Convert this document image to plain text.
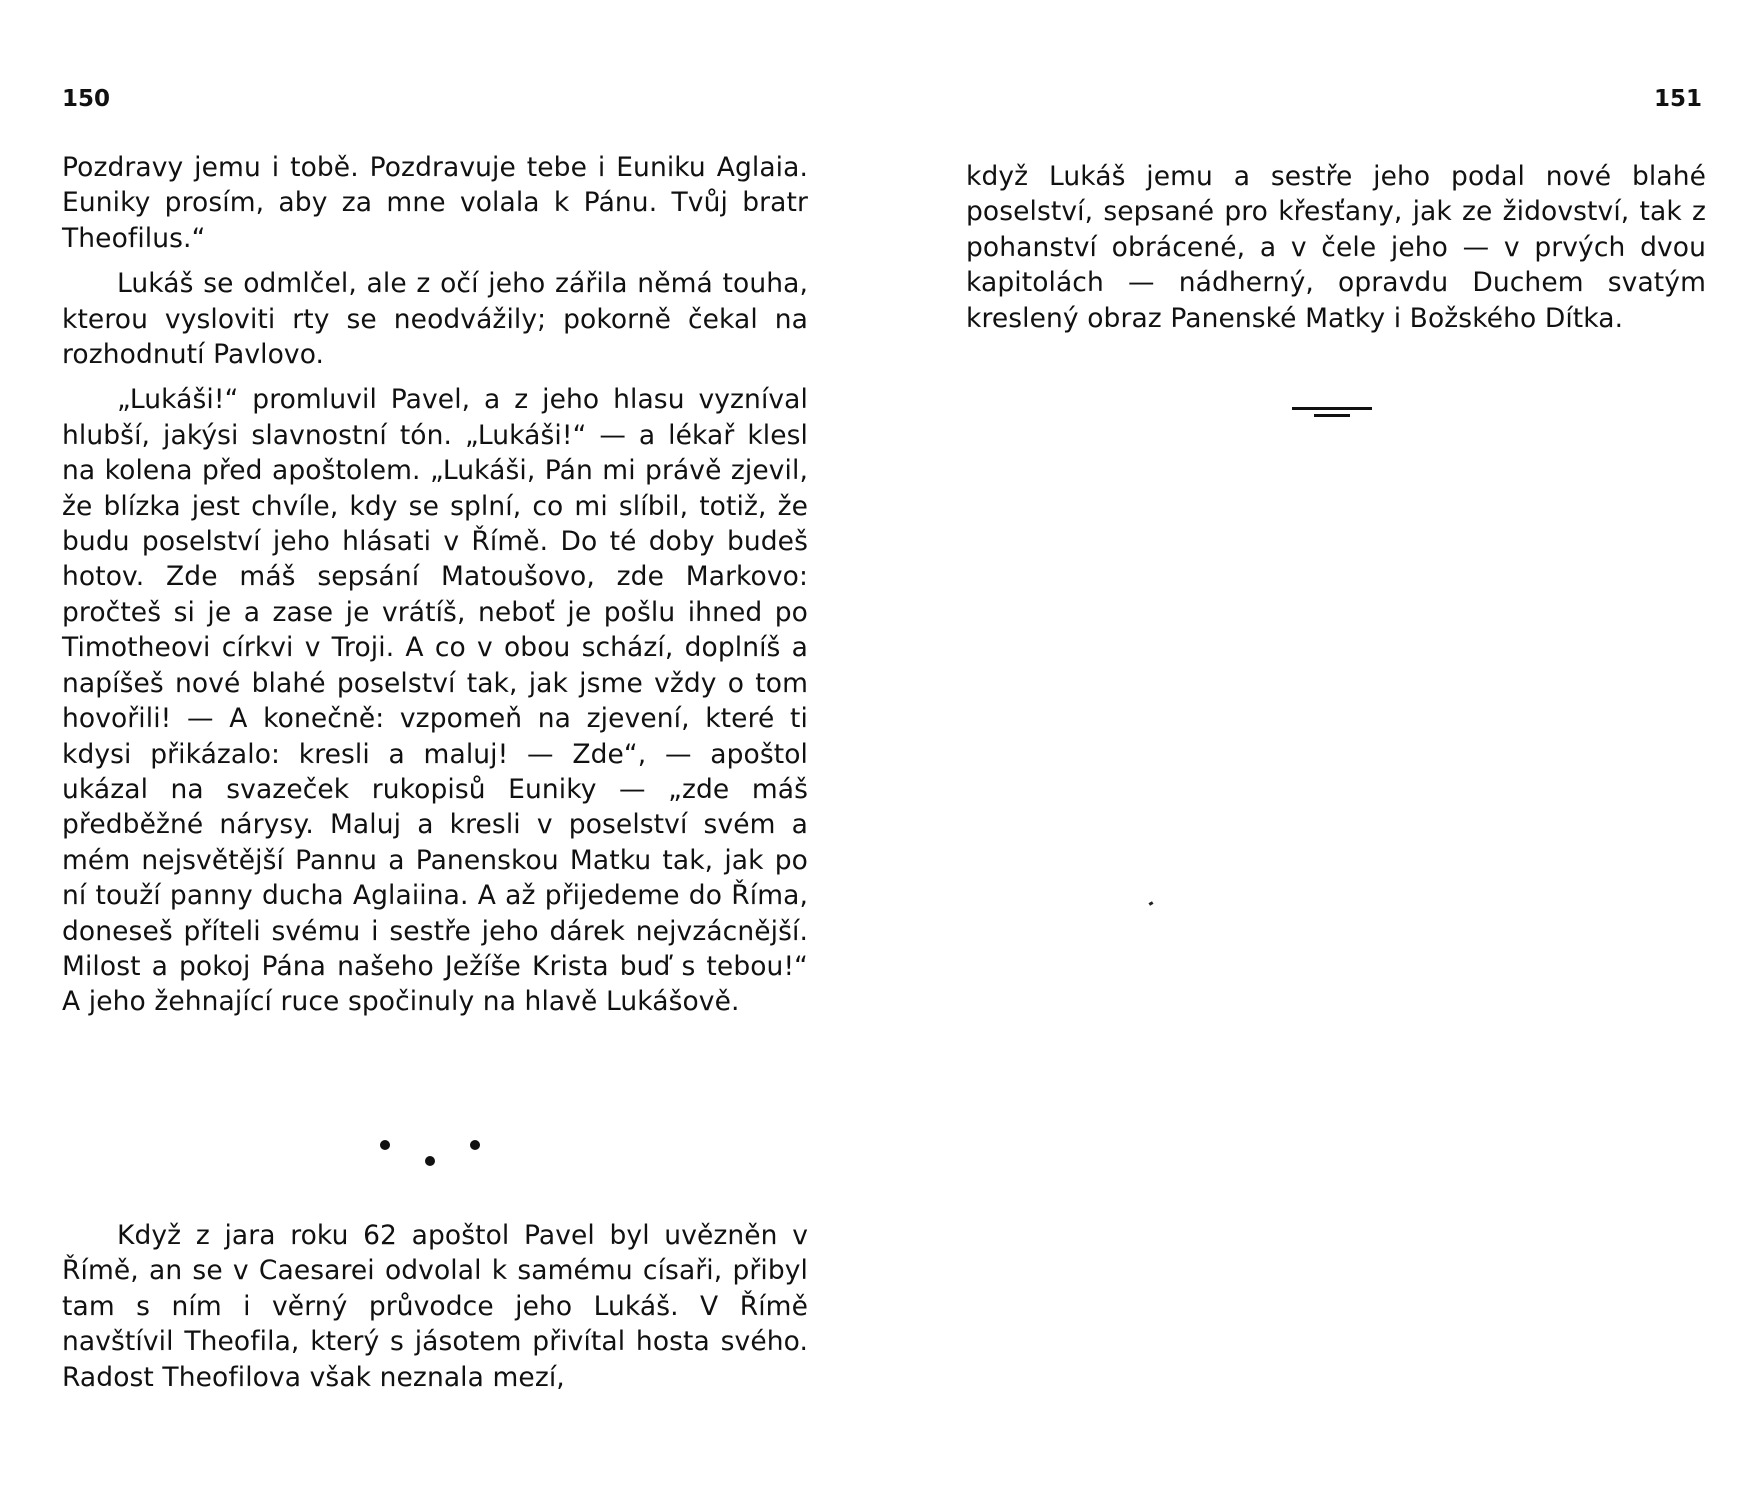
150

Pozdravy jemu i tobě. Pozdravuje tebe i Euniku Aglaia. Euniky prosím, aby za mne volala k Pánu. Tvůj bratr Theofilus.“

Lukáš se odmlčel, ale z očí jeho zářila němá touha, kterou vysloviti rty se neodvážily; pokorně čekal na rozhodnutí Pavlovo.

„Lukáši!“ promluvil Pavel, a z jeho hlasu vyzníval hlubší, jakýsi slavnostní tón. „Lukáši!“ — a lékař klesl na kolena před apoštolem. „Lukáši, Pán mi právě zjevil, že blízka jest chvíle, kdy se splní, co mi slíbil, totiž, že budu poselství jeho hlásati v Římě. Do té doby budeš hotov. Zde máš sepsání Matoušovo, zde Markovo: pročteš si je a zase je vrátíš, neboť je pošlu ihned po Timotheovi církvi v Troji. A co v obou schází, doplníš a napíšeš nové blahé poselství tak, jak jsme vždy o tom hovořili! — A konečně: vzpomeň na zjevení, které ti kdysi přikázalo: kresli a maluj! — Zde“, — apoštol ukázal na svazeček rukopisů Euniky — „zde máš předběžné nárysy. Maluj a kresli v poselství svém a mém nejsvětější Pannu a Panenskou Matku tak, jak po ní touží panny ducha Aglaiina. A až přijedeme do Říma, doneseš příteli svému i sestře jeho dárek nejvzácnější. Milost a pokoj Pána našeho Ježíše Krista buď s tebou!“ A jeho žehnající ruce spočinuly na hlavě Lukášově.

Když z jara roku 62 apoštol Pavel byl uvězněn v Římě, an se v Caesarei odvolal k samému císaři, přibyl tam s ním i věrný průvodce jeho Lukáš. V Římě navštívil Theofila, který s jásotem přivítal hosta svého. Radost Theofilova však neznala mezí,

151

když Lukáš jemu a sestře jeho podal nové blahé poselství, sepsané pro křesťany, jak ze židovství, tak z pohanství obrácené, a v čele jeho — v prvých dvou kapitolách — nádherný, opravdu Duchem svatým kreslený obraz Panenské Matky i Božského Dítka.
